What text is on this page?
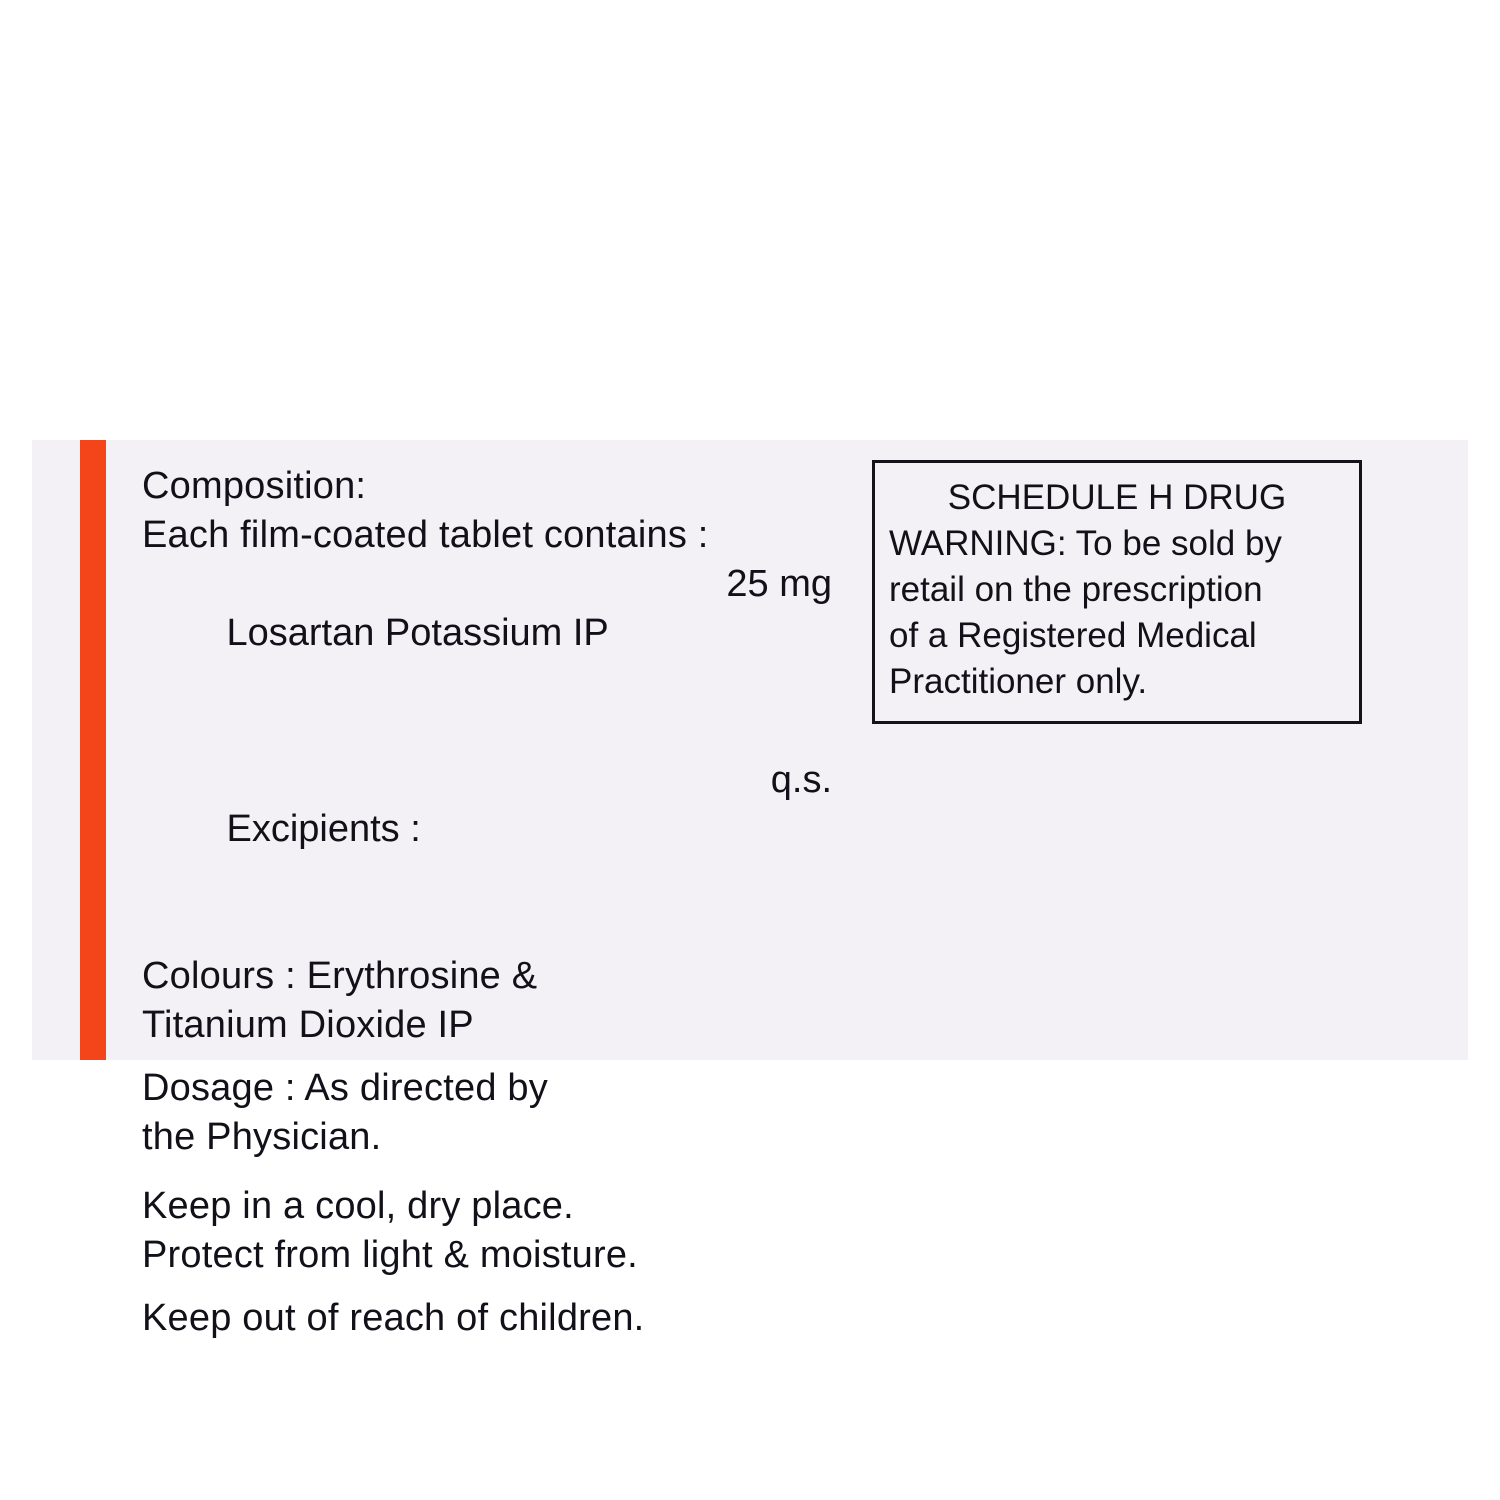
Composition:
Each film-coated tablet contains :

Losartan Potassium IP

25 mg

Excipients :

q.s.

Colours : Erythrosine &
Titanium Dioxide IP
Dosage : As directed by
the Physician.
Keep in a cool, dry place.
Protect from light & moisture.
Keep out of reach of children.
SCHEDULE H DRUG
WARNING: To be sold by
retail on the prescription
of a Registered Medical
Practitioner only.
